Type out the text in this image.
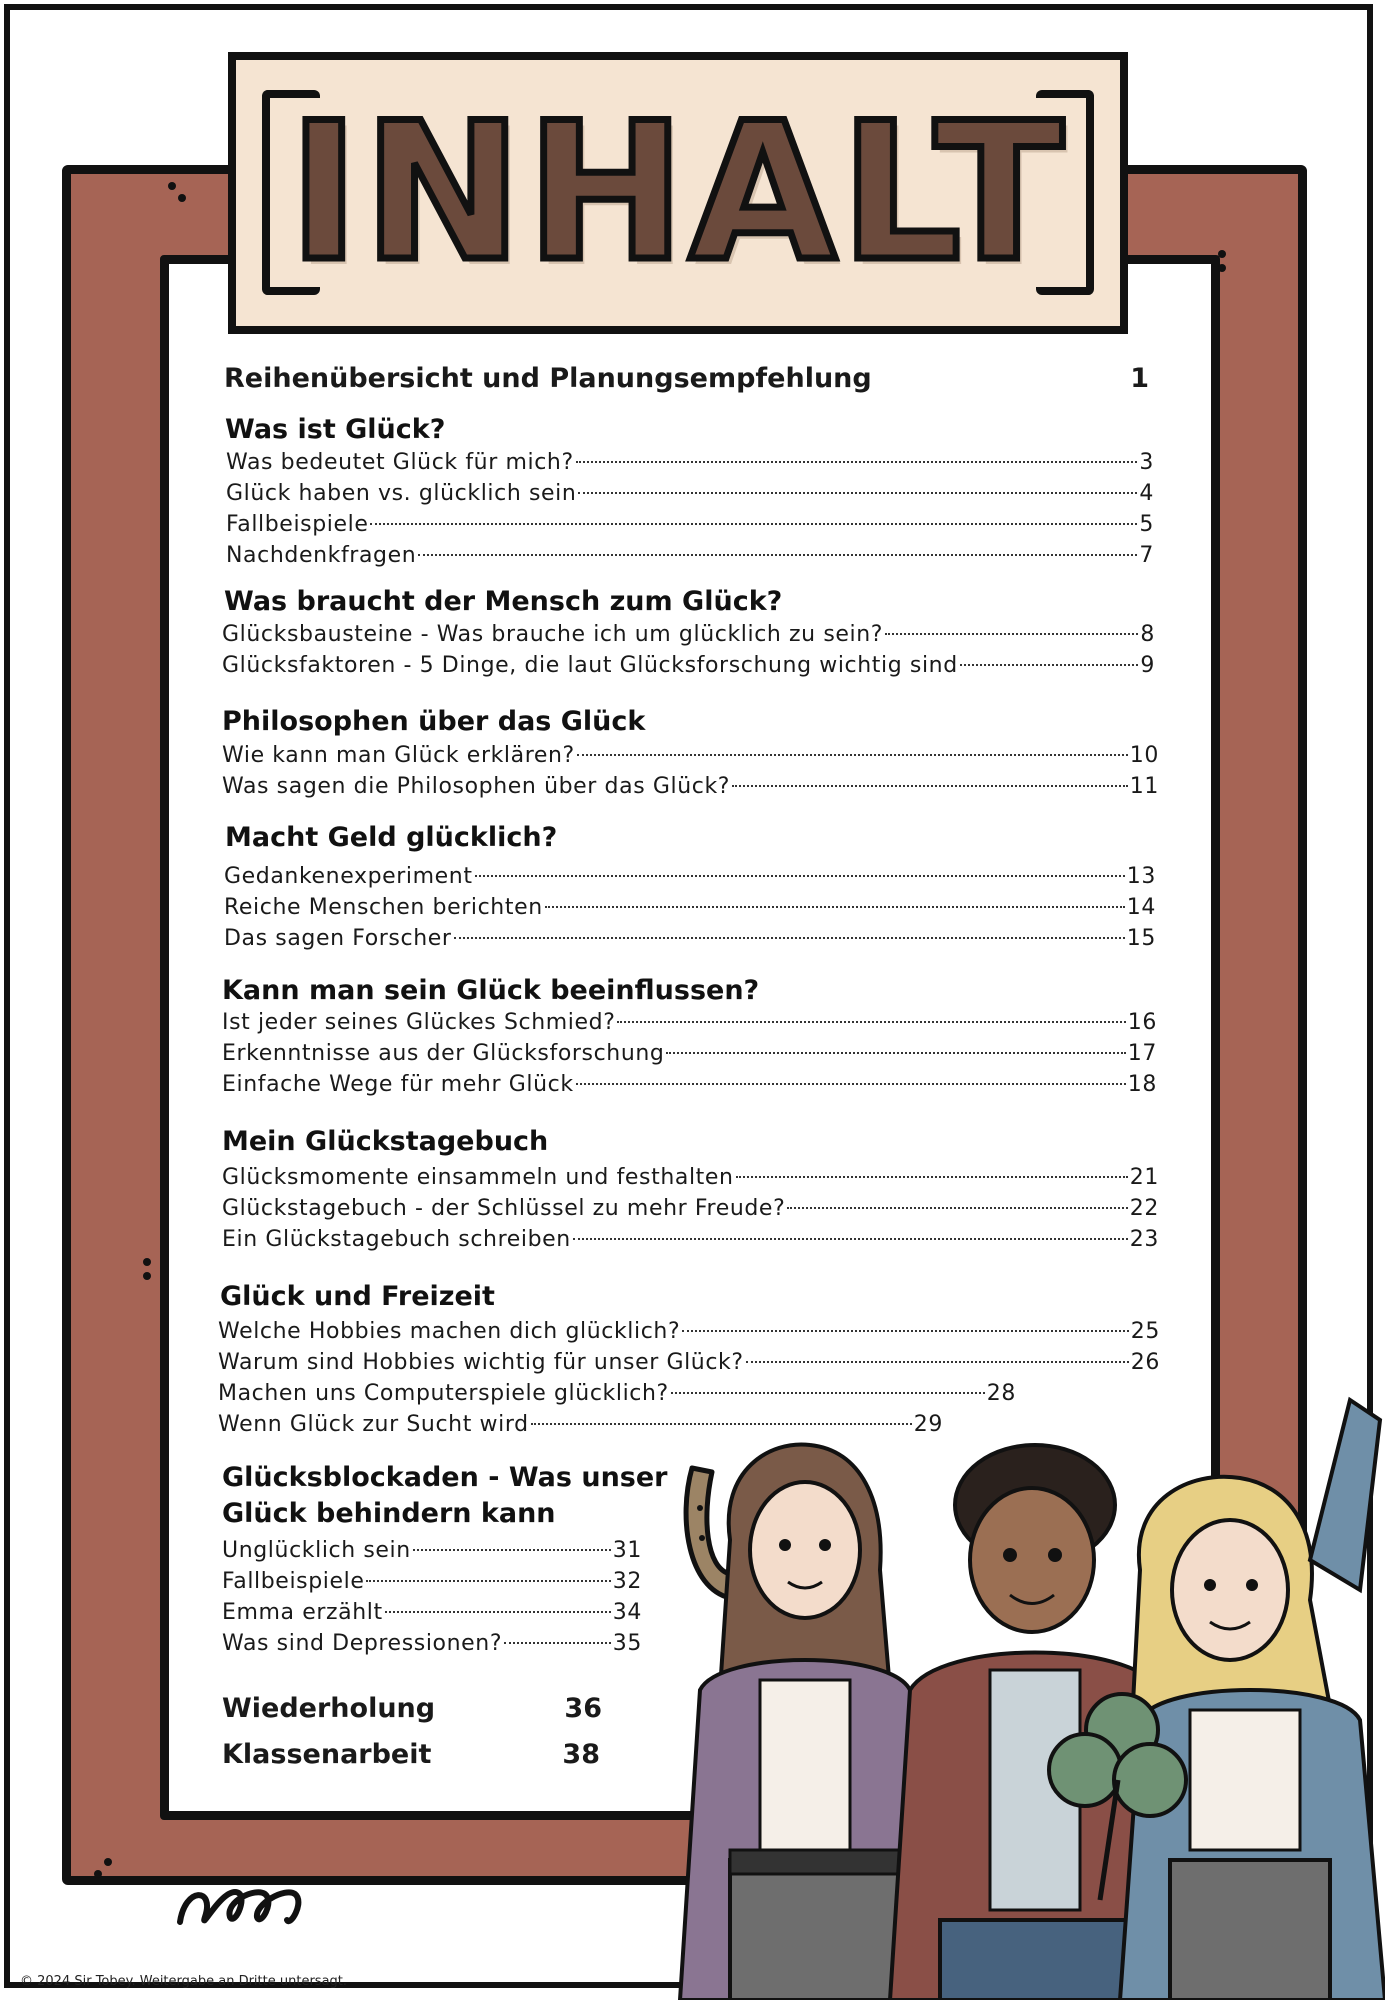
INHALT
Reihenübersicht und Planungsempfehlung	1
Was ist Glück?
Was bedeutet Glück für mich?	3
Glück haben vs. glücklich sein	4
Fallbeispiele	5
Nachdenkfragen	7
Was braucht der Mensch zum Glück?
Glücksbausteine - Was brauche ich um glücklich zu sein?	8
Glücksfaktoren - 5 Dinge, die laut Glücksforschung wichtig sind	9
Philosophen über das Glück
Wie kann man Glück erklären?	10
Was sagen die Philosophen über das Glück?	11
Macht Geld glücklich?
Gedankenexperiment	13
Reiche Menschen berichten	14
Das sagen Forscher	15
Kann man sein Glück beeinflussen?
Ist jeder seines Glückes Schmied?	16
Erkenntnisse aus der Glücksforschung	17
Einfache Wege für mehr Glück	18
Mein Glückstagebuch
Glücksmomente einsammeln und festhalten	21
Glückstagebuch - der Schlüssel zu mehr Freude?	22
Ein Glückstagebuch schreiben	23
Glück und Freizeit
Welche Hobbies machen dich glücklich?	25
Warum sind Hobbies wichtig für unser Glück?	26
Machen uns Computerspiele glücklich?	28
Wenn Glück zur Sucht wird	29
Glücksblockaden - Was unser
Glück behindern kann
Unglücklich sein	31
Fallbeispiele	32
Emma erzählt	34
Was sind Depressionen?	35
Wiederholung	36
Klassenarbeit	38
© 2024 Sir Tobey. Weitergabe an Dritte untersagt.
